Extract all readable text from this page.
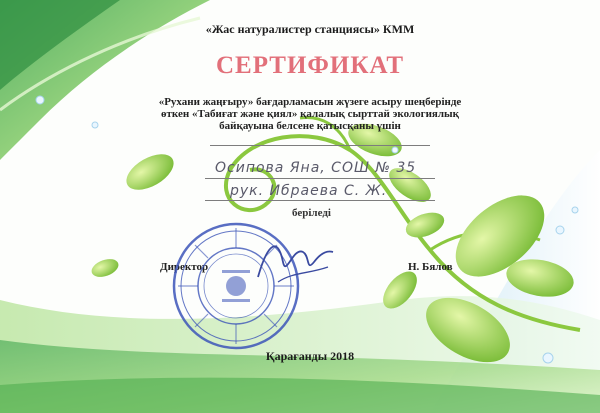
«Жас натуралистер станциясы» КММ
СЕРТИФИКАТ
«Рухани жаңғыру» бағдарламасын жүзеге асыру шеңберінде
өткен «Табиғат және қиял» қалалық сырттай экологиялық
байқауына белсене қатысқаны үшін
Осипова Яна, СОШ № 35
рук. Ибраева С. Ж.
беріледі
Директор	Н. Бялов
Қарағанды 2018
